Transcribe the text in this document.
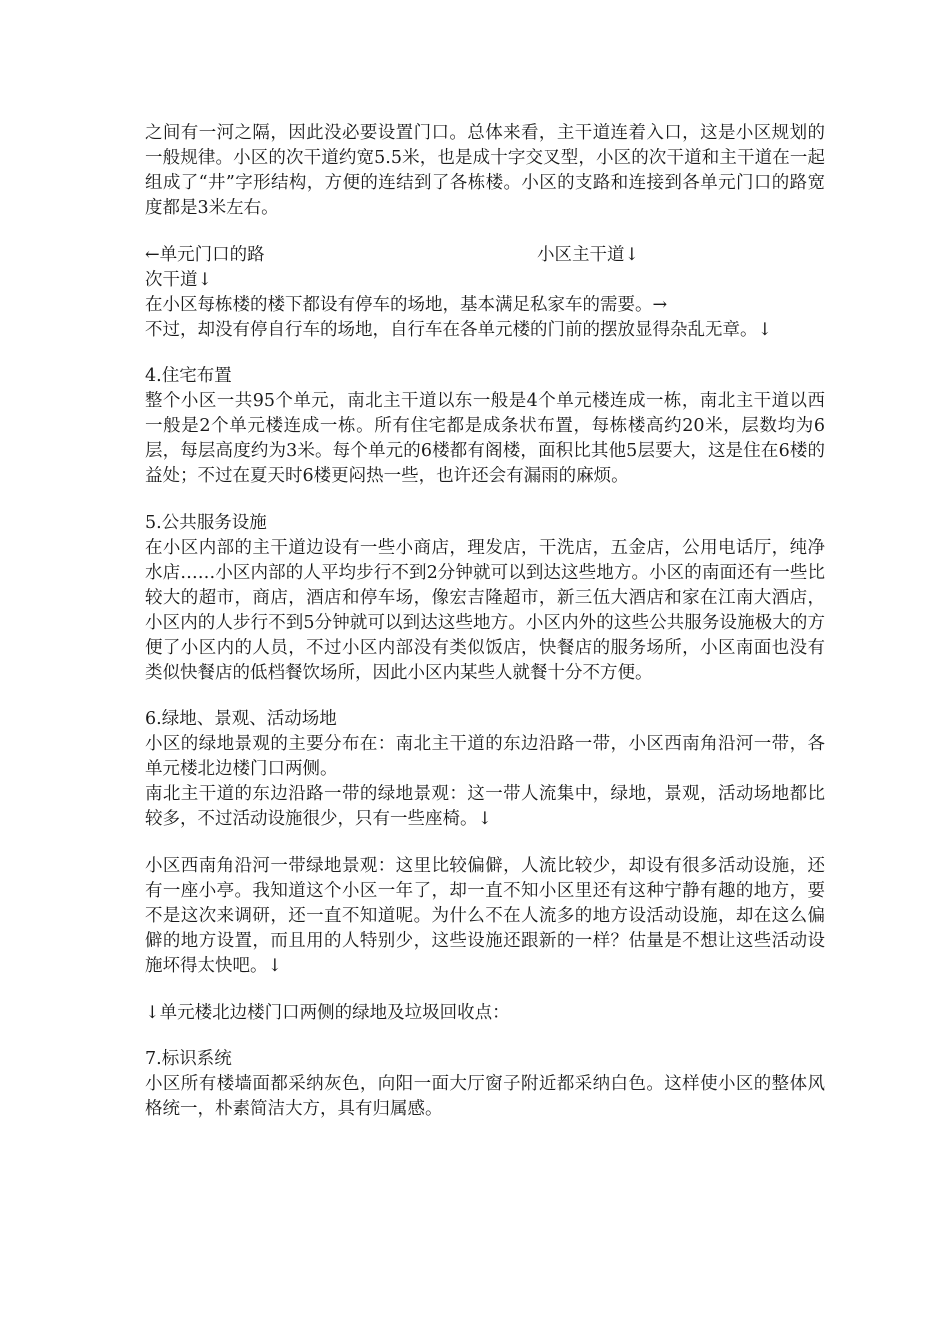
之间有一河之隔，因此没必要设置门口。总体来看，主干道连着入口，这是小区规划的一般规律。小区的次干道约宽5.5米，也是成十字交叉型，小区的次干道和主干道在一起组成了“井”字形结构，方便的连结到了各栋楼。小区的支路和连接到各单元门口的路宽度都是3米左右。

←单元门口的路	小区主干道↓

次干道↓

在小区每栋楼的楼下都设有停车的场地，基本满足私家车的需要。→

不过，却没有停自行车的场地，自行车在各单元楼的门前的摆放显得杂乱无章。↓

4.住宅布置

整个小区一共95个单元，南北主干道以东一般是4个单元楼连成一栋，南北主干道以西一般是2个单元楼连成一栋。所有住宅都是成条状布置，每栋楼高约20米，层数均为6层，每层高度约为3米。每个单元的6楼都有阁楼，面积比其他5层要大，这是住在6楼的益处；不过在夏天时6楼更闷热一些，也许还会有漏雨的麻烦。

5.公共服务设施

在小区内部的主干道边设有一些小商店，理发店，干洗店，五金店，公用电话厅，纯净水店……小区内部的人平均步行不到2分钟就可以到达这些地方。小区的南面还有一些比较大的超市，商店，酒店和停车场，像宏吉隆超市，新三伍大酒店和家在江南大酒店，小区内的人步行不到5分钟就可以到达这些地方。小区内外的这些公共服务设施极大的方便了小区内的人员，不过小区内部没有类似饭店，快餐店的服务场所，小区南面也没有类似快餐店的低档餐饮场所，因此小区内某些人就餐十分不方便。

6.绿地、景观、活动场地

小区的绿地景观的主要分布在：南北主干道的东边沿路一带，小区西南角沿河一带，各单元楼北边楼门口两侧。

南北主干道的东边沿路一带的绿地景观：这一带人流集中，绿地，景观，活动场地都比较多，不过活动设施很少，只有一些座椅。↓

小区西南角沿河一带绿地景观：这里比较偏僻，人流比较少，却设有很多活动设施，还有一座小亭。我知道这个小区一年了，却一直不知小区里还有这种宁静有趣的地方，要不是这次来调研，还一直不知道呢。为什么不在人流多的地方设活动设施，却在这么偏僻的地方设置，而且用的人特别少，这些设施还跟新的一样？估量是不想让这些活动设施坏得太快吧。↓

↓单元楼北边楼门口两侧的绿地及垃圾回收点：

7.标识系统

小区所有楼墙面都采纳灰色，向阳一面大厅窗子附近都采纳白色。这样使小区的整体风格统一，朴素简洁大方，具有归属感。
